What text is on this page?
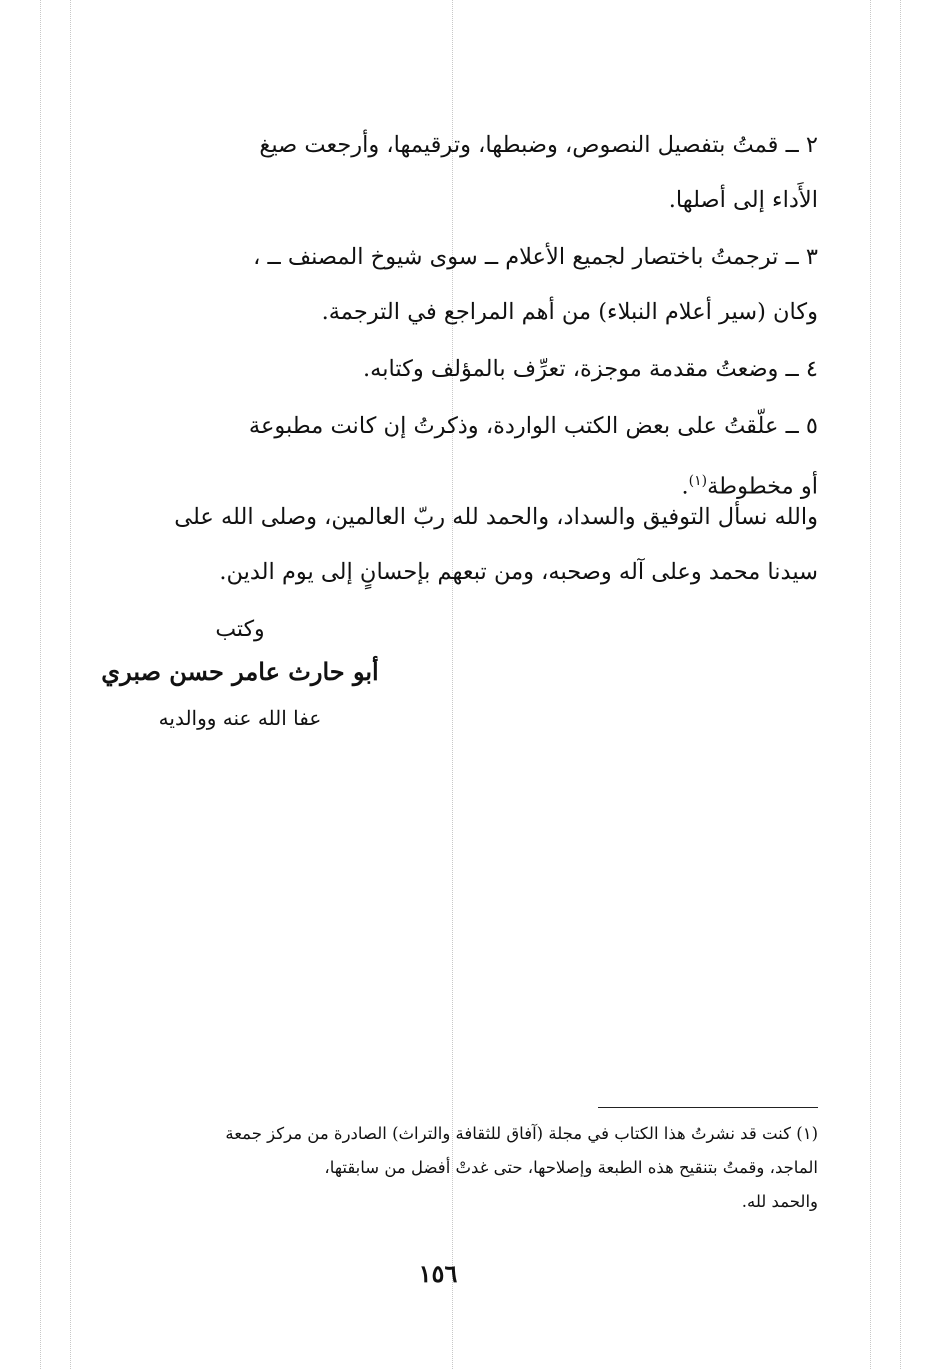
٢ ــ قمتُ بتفصيل النصوص، وضبطها، وترقيمها، وأرجعت صيغ
الأَداء إلى أصلها.

٣ ــ ترجمتُ باختصار لجميع الأعلام ــ سوى شيوخ المصنف ــ ،
وكان (سير أعلام النبلاء) من أهم المراجع في الترجمة.

٤ ــ وضعتُ مقدمة موجزة، تعرِّف بالمؤلف وكتابه.

٥ ــ علّقتُ على بعض الكتب الواردة، وذكرتُ إن كانت مطبوعة
أو مخطوطة$^{(١)}$.

والله نسأل التوفيق والسداد، والحمد لله ربّ العالمين، وصلى الله على
سيدنا محمد وعلى آله وصحبه، ومن تبعهم بإحسانٍ إلى يوم الدين.
وكتب
أبو حارث عامر حسن صبري
عفا الله عنه ووالديه
(١) كنت قد نشرتُ هذا الكتاب في مجلة (آفاق للثقافة والتراث) الصادرة من مركز جمعة
الماجد، وقمتُ بتنقيح هذه الطبعة وإصلاحها، حتى غدتْ أفضل من سابقتها،
والحمد لله.
١٥٦
